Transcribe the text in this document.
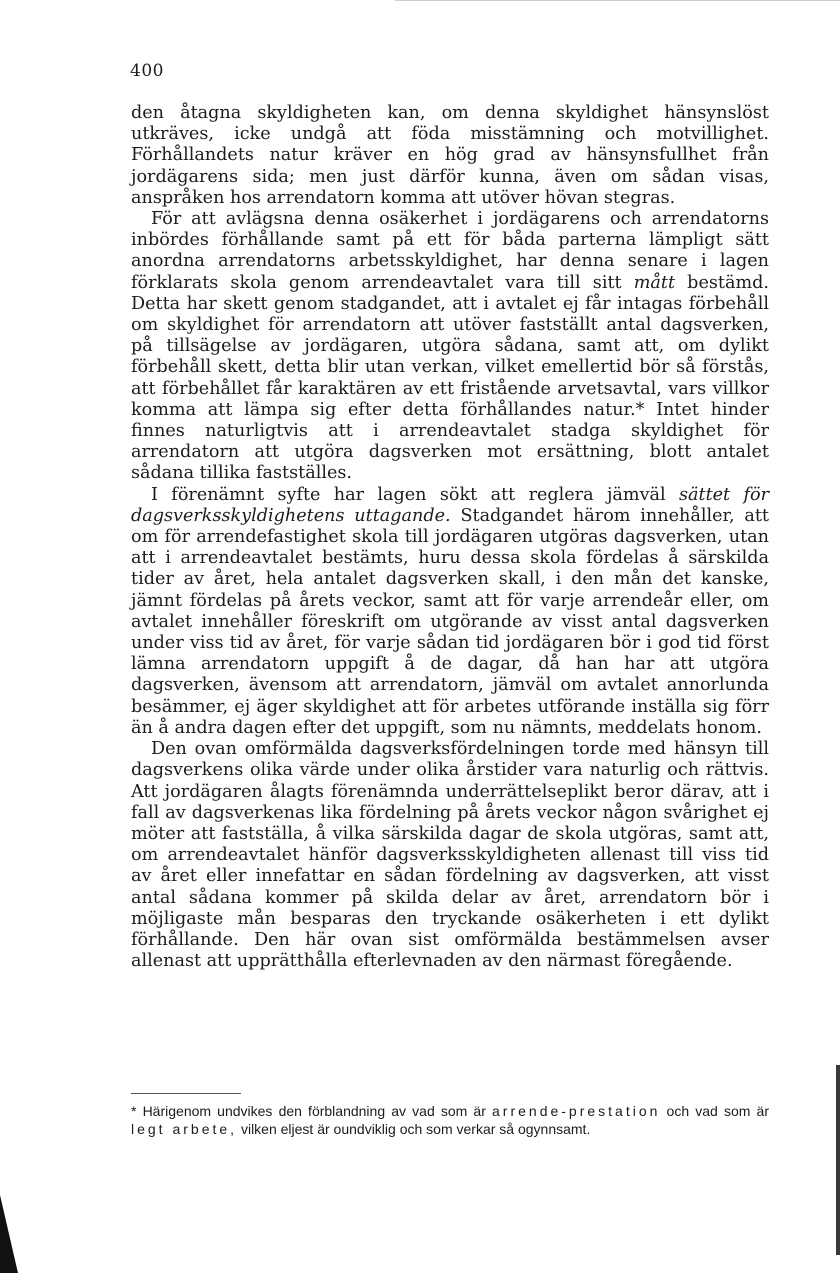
400

den åtagna skyldigheten kan, om denna skyldighet hänsynslöst utkräves, icke undgå att föda misstämning och motvillighet. Förhållandets natur kräver en hög grad av hänsynsfullhet från jordägarens sida; men just därför kunna, även om sådan visas, anspråken hos arrendatorn komma att utöver hövan stegras.

För att avlägsna denna osäkerhet i jordägarens och arrendatorns inbördes förhållande samt på ett för båda parterna lämpligt sätt anordna arrendatorns arbetsskyldighet, har denna senare i lagen förklarats skola genom arrendeavtalet vara till sitt mått bestämd. Detta har skett genom stadgandet, att i avtalet ej får intagas förbehåll om skyldighet för arrendatorn att utöver fastställt antal dagsverken, på tillsägelse av jordägaren, utgöra sådana, samt att, om dylikt förbehåll skett, detta blir utan verkan, vilket emellertid bör så förstås, att förbehållet får karaktären av ett fristående arvetsavtal, vars villkor komma att lämpa sig efter detta förhållandes natur.* Intet hinder finnes naturligtvis att i arrendeavtalet stadga skyldighet för arrendatorn att utgöra dagsverken mot ersättning, blott antalet sådana tillika fastställes.

I förenämnt syfte har lagen sökt att reglera jämväl sättet för dagsverksskyldighetens uttagande. Stadgandet härom innehåller, att om för arrendefastighet skola till jordägaren utgöras dagsverken, utan att i arrendeavtalet bestämts, huru dessa skola fördelas å särskilda tider av året, hela antalet dagsverken skall, i den mån det kanske, jämnt fördelas på årets veckor, samt att för varje arrendeår eller, om avtalet innehåller föreskrift om utgörande av visst antal dagsverken under viss tid av året, för varje sådan tid jordägaren bör i god tid först lämna arrendatorn uppgift å de dagar, då han har att utgöra dagsverken, ävensom att arrendatorn, jämväl om avtalet annorlunda besämmer, ej äger skyldighet att för arbetes utförande inställa sig förr än å andra dagen efter det uppgift, som nu nämnts, meddelats honom.

Den ovan omförmälda dagsverksfördelningen torde med hänsyn till dagsverkens olika värde under olika årstider vara naturlig och rättvis. Att jordägaren ålagts förenämnda underrättelseplikt beror därav, att i fall av dagsverkenas lika fördelning på årets veckor någon svårighet ej möter att fastställa, å vilka särskilda dagar de skola utgöras, samt att, om arrendeavtalet hänför dagsverksskyldigheten allenast till viss tid av året eller innefattar en sådan fördelning av dagsverken, att visst antal sådana kommer på skilda delar av året, arrendatorn bör i möjligaste mån besparas den tryckande osäkerheten i ett dylikt förhållande. Den här ovan sist omförmälda bestämmelsen avser allenast att upprätthålla efterlevnaden av den närmast föregående.

* Härigenom undvikes den förblandning av vad som är arrende-prestation och vad som är legt arbete, vilken eljest är oundviklig och som verkar så ogynnsamt.
